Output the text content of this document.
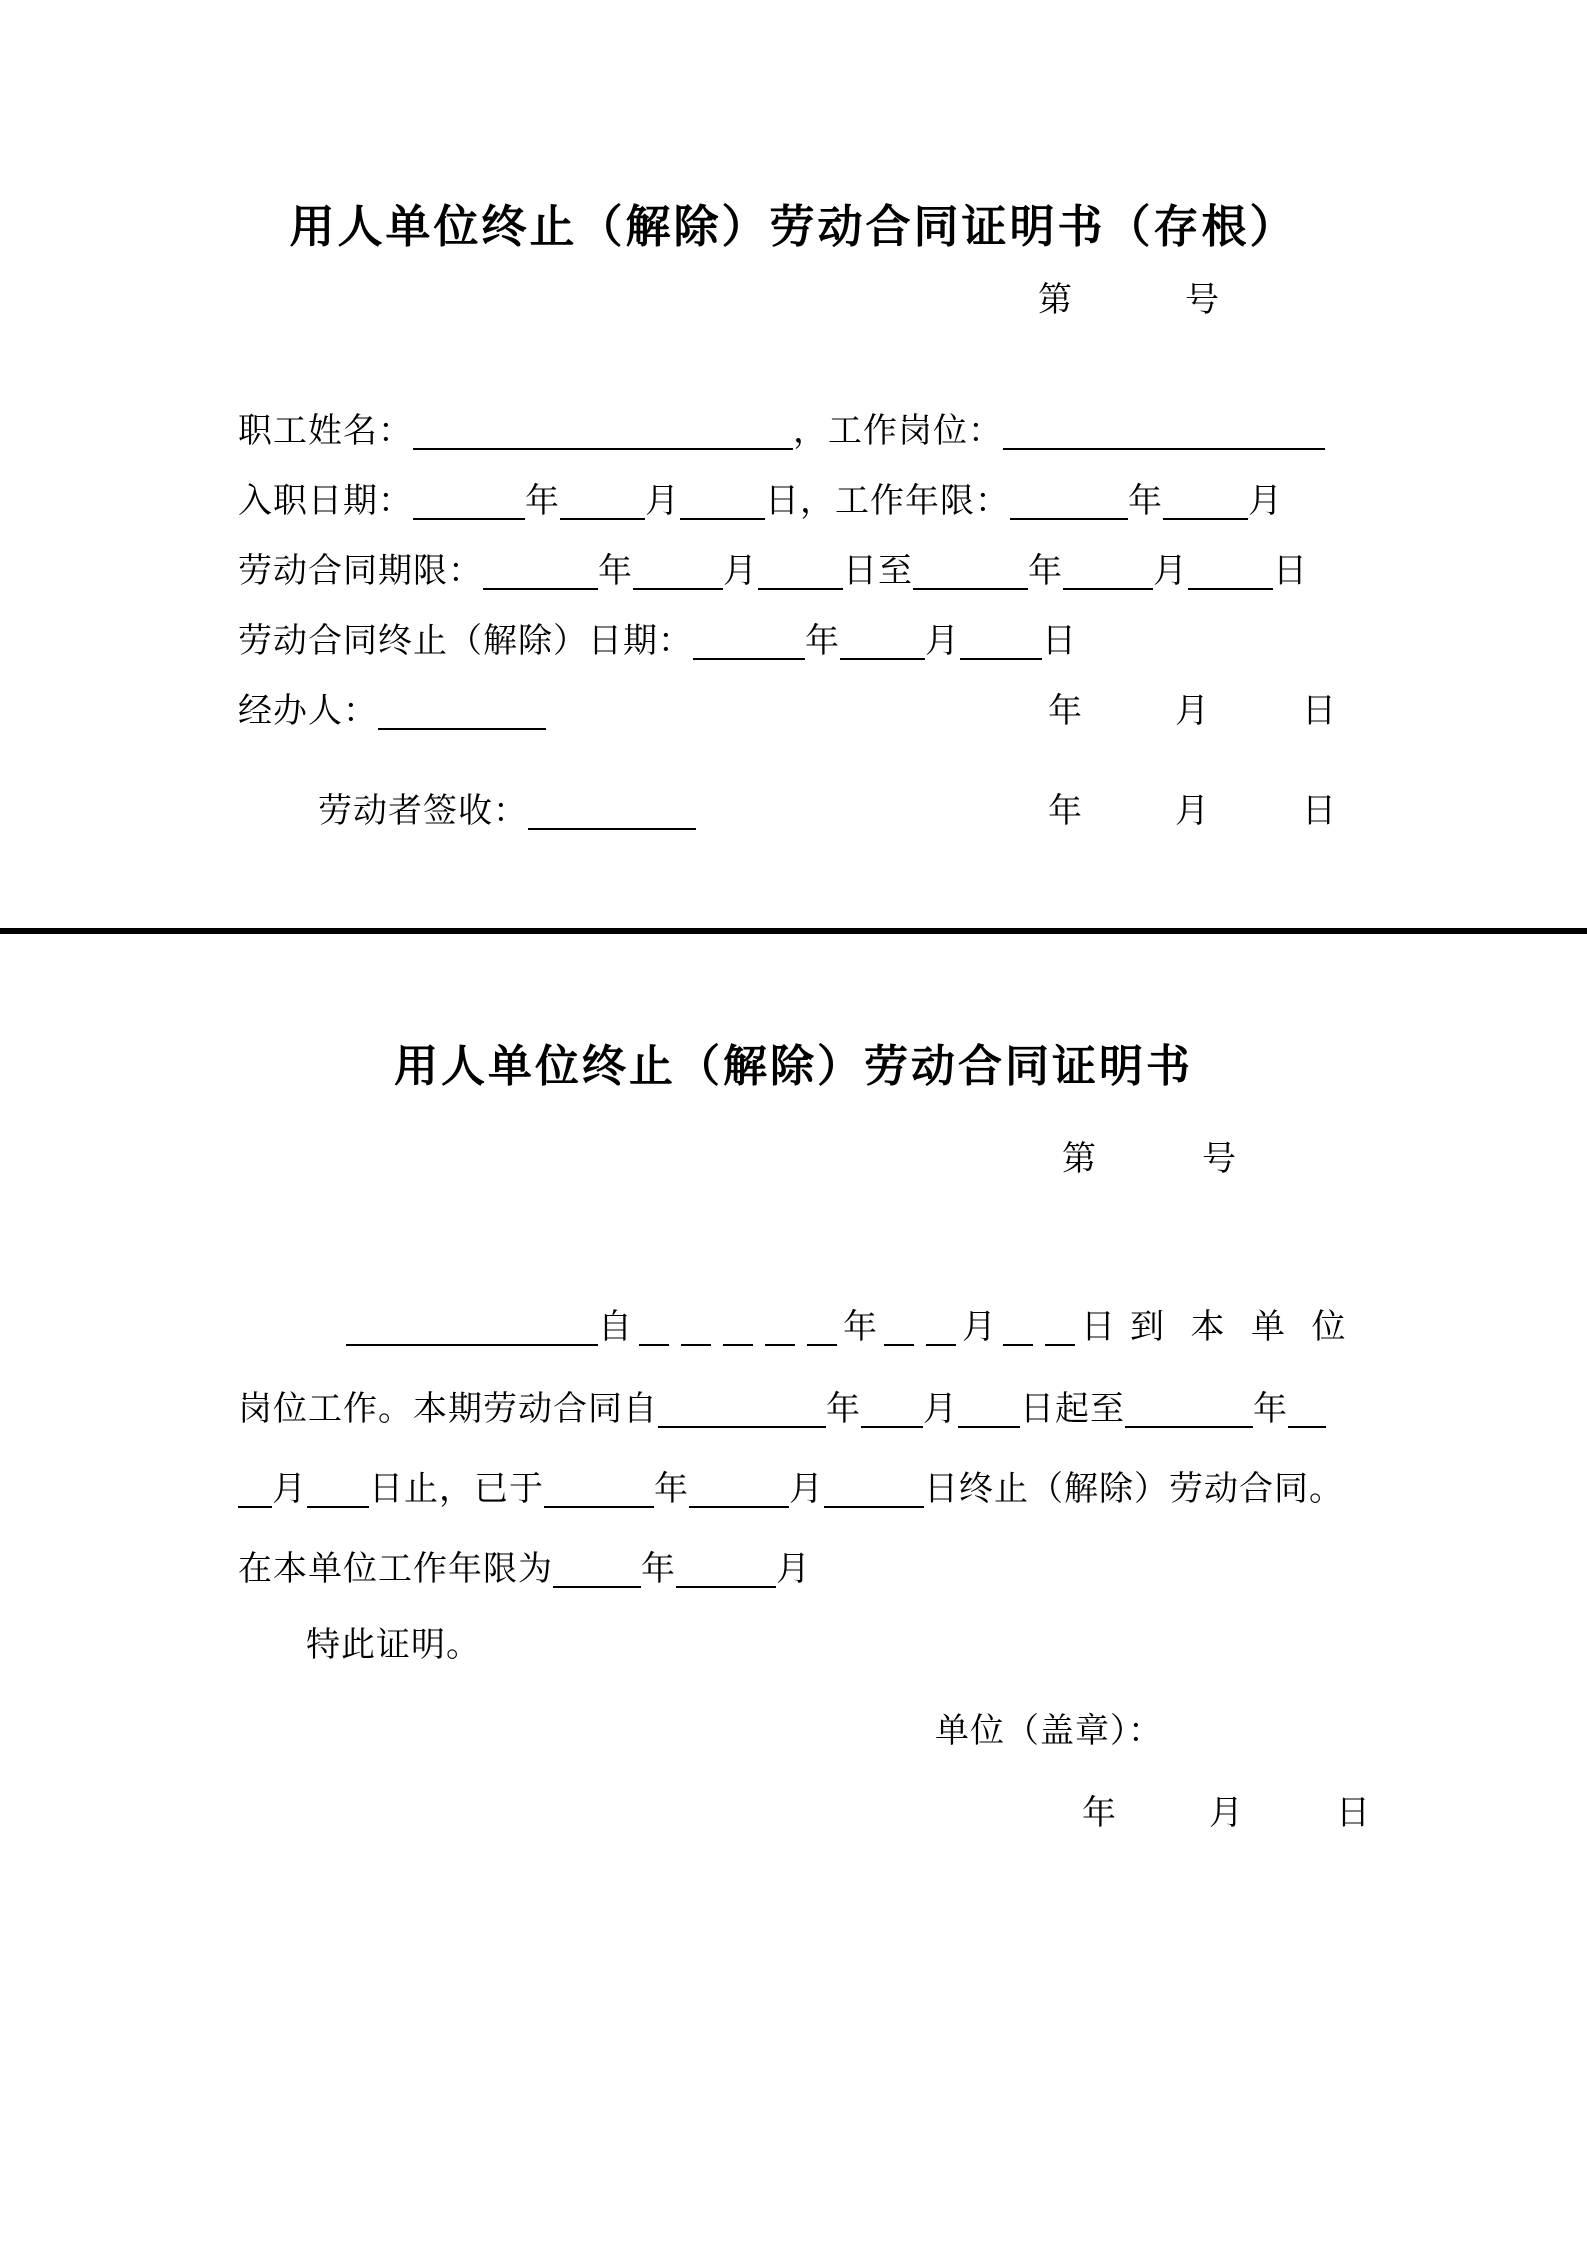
用人单位终止（解除）劳动合同证明书（存根）
第	号
职工姓名：	，工作岗位：
入职日期：	年	月	日，工作年限：	年	月
劳动合同期限：	年	月	日至	年	月	日
劳动合同终止（解除）日期：	年	月 日
经办人：	年	月	日
劳动者签收：	年	月	日
用人单位终止（解除）劳动合同证明书
第	号
自	年 月 日 到 本 单 位
岗位工作。本期劳动合同自	年 月 日起至	年
月 日止，已于	年	月	日终止（解除）劳动合同。
在本单位工作年限为	年	月
特此证明。
单位（盖章）：
年	月	日
